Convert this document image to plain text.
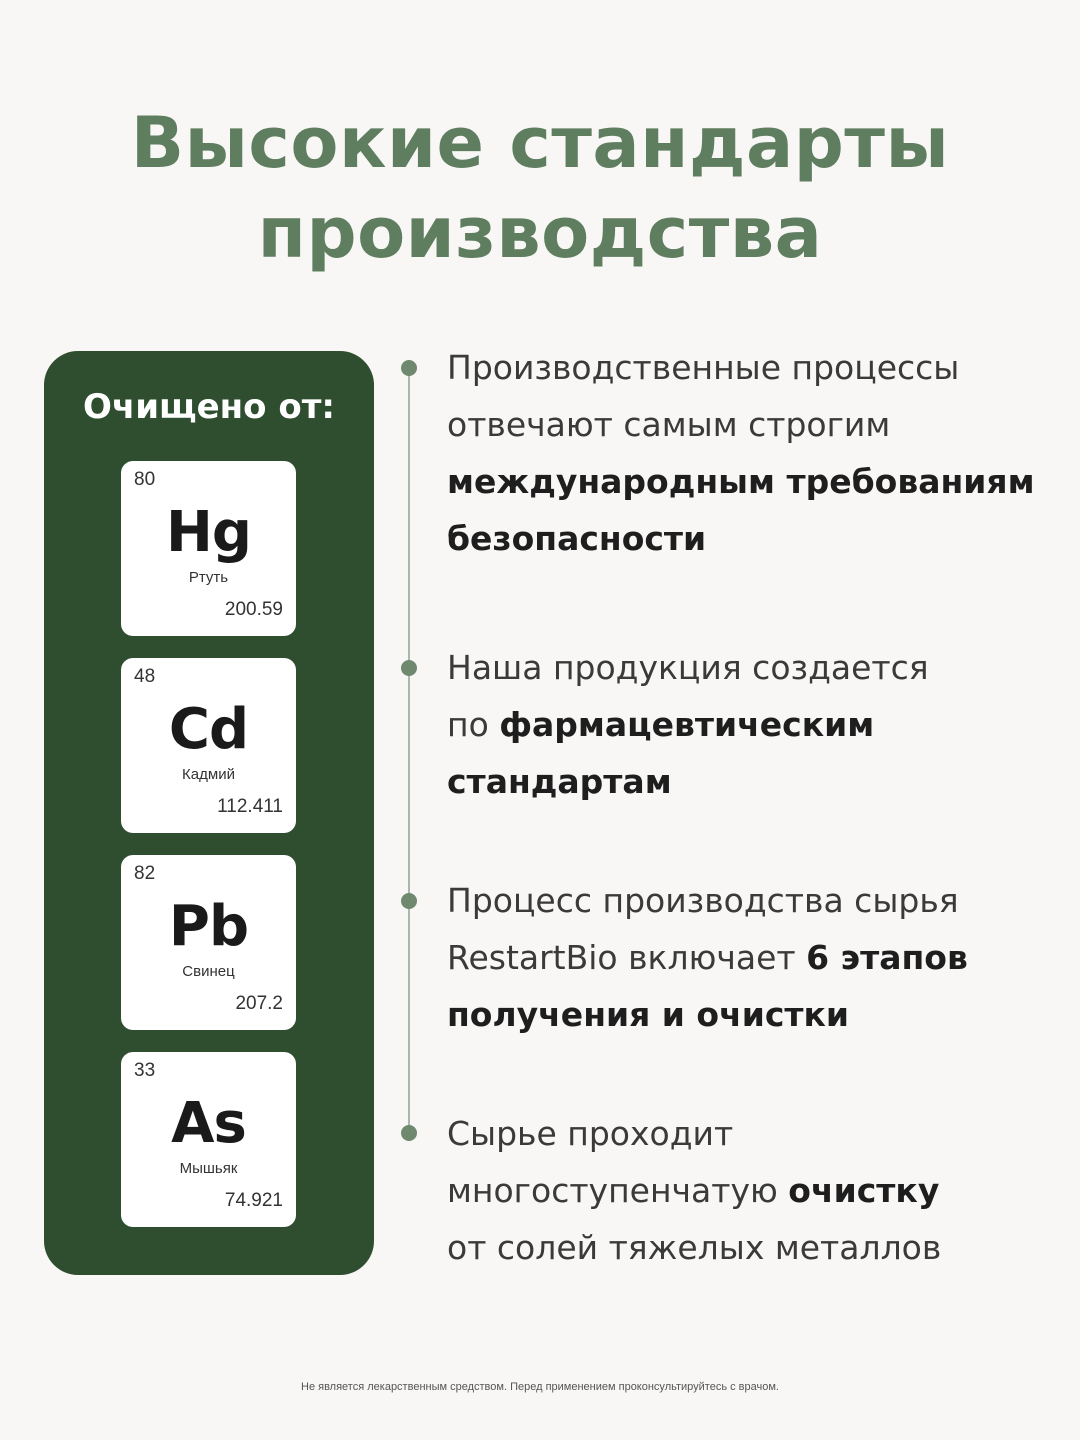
Высокие стандарты
производства
Очищено от:
80
Hg
Ртуть
200.59
48
Cd
Кадмий
112.411
82
Pb
Свинец
207.2
33
As
Мышьяк
74.921
Производственные процессы
отвечают самым строгим
международным требованиям
безопасности
Наша продукция создается
по фармацевтическим
стандартам
Процесс производства сырья
RestartBio включает 6 этапов
получения и очистки
Сырье проходит
многоступенчатую очистку
от солей тяжелых металлов
Не является лекарственным средством. Перед применением проконсультируйтесь с врачом.
